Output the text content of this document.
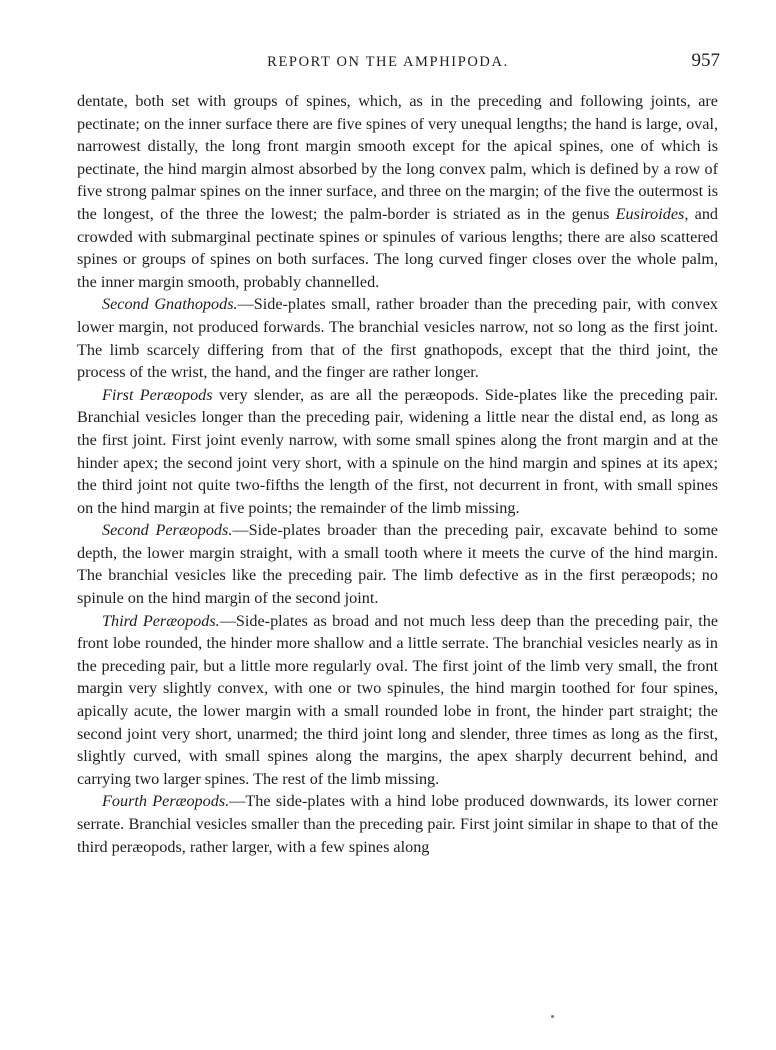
REPORT ON THE AMPHIPODA.	957

dentate, both set with groups of spines, which, as in the preceding and following joints, are pectinate; on the inner surface there are five spines of very unequal lengths; the hand is large, oval, narrowest distally, the long front margin smooth except for the apical spines, one of which is pectinate, the hind margin almost absorbed by the long convex palm, which is defined by a row of five strong palmar spines on the inner surface, and three on the margin; of the five the outermost is the longest, of the three the lowest; the palm-border is striated as in the genus Eusiroides, and crowded with submarginal pectinate spines or spinules of various lengths; there are also scattered spines or groups of spines on both surfaces. The long curved finger closes over the whole palm, the inner margin smooth, probably channelled.

Second Gnathopods.—Side-plates small, rather broader than the preceding pair, with convex lower margin, not produced forwards. The branchial vesicles narrow, not so long as the first joint. The limb scarcely differing from that of the first gnathopods, except that the third joint, the process of the wrist, the hand, and the finger are rather longer.

First Peræopods very slender, as are all the peræopods. Side-plates like the preceding pair. Branchial vesicles longer than the preceding pair, widening a little near the distal end, as long as the first joint. First joint evenly narrow, with some small spines along the front margin and at the hinder apex; the second joint very short, with a spinule on the hind margin and spines at its apex; the third joint not quite two-fifths the length of the first, not decurrent in front, with small spines on the hind margin at five points; the remainder of the limb missing.

Second Peræopods.—Side-plates broader than the preceding pair, excavate behind to some depth, the lower margin straight, with a small tooth where it meets the curve of the hind margin. The branchial vesicles like the preceding pair. The limb defective as in the first peræopods; no spinule on the hind margin of the second joint.

Third Peræopods.—Side-plates as broad and not much less deep than the preceding pair, the front lobe rounded, the hinder more shallow and a little serrate. The branchial vesicles nearly as in the preceding pair, but a little more regularly oval. The first joint of the limb very small, the front margin very slightly convex, with one or two spinules, the hind margin toothed for four spines, apically acute, the lower margin with a small rounded lobe in front, the hinder part straight; the second joint very short, unarmed; the third joint long and slender, three times as long as the first, slightly curved, with small spines along the margins, the apex sharply decurrent behind, and carrying two larger spines. The rest of the limb missing.

Fourth Peræopods.—The side-plates with a hind lobe produced downwards, its lower corner serrate. Branchial vesicles smaller than the preceding pair. First joint similar in shape to that of the third peræopods, rather larger, with a few spines along
